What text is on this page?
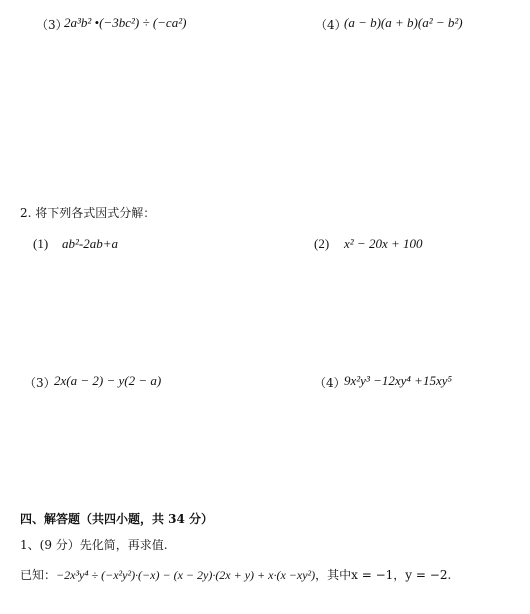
（3）
2a³b² •(−3bc²) ÷ (−ca²)	（4）
(a − b)(a + b)(a² − b²)
2. 将下列各式因式分解：
(1) ab²-2ab+a	(2) x² − 20x + 100
（3）
2x(a − 2) − y(2 − a)	（4）
9x²y³ −12xy⁴ +15xy⁵
四、解答题（共四小题，共 34 分）
1、(9 分）先化简，再求值.
已知：−2x³y⁴ ÷ (−x²y²)·(−x) − (x − 2y)·(2x + y) + x·(x −xy²)，其中x = −1，y = −2.
